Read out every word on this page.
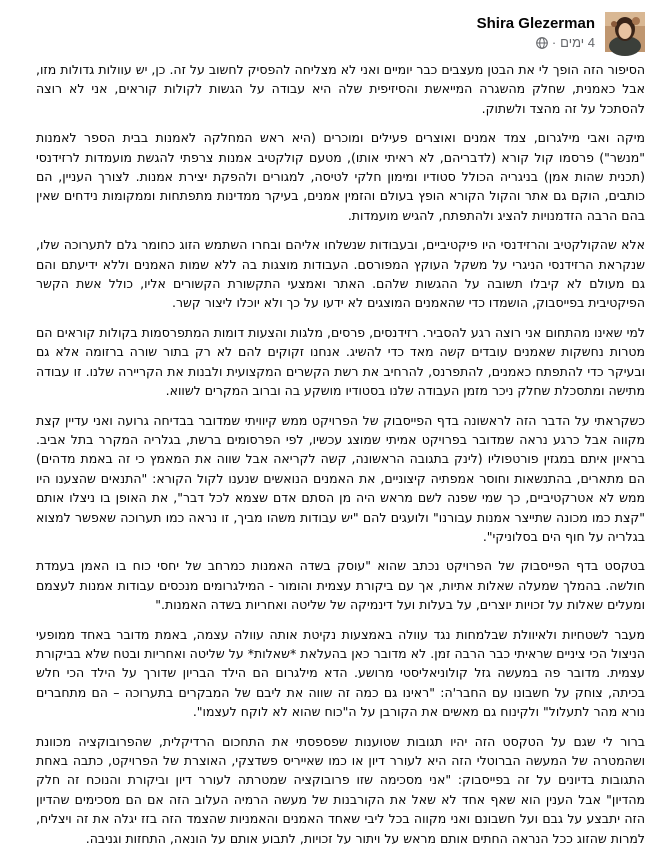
Shira Glezerman
4 ימים
·

הסיפור הזה הופך לי את הבטן מעצבים כבר יומיים ואני לא מצליחה להפסיק לחשוב על זה. כן, יש עוולות גדולות מזו, אבל כאמנית, שחלק מהשגרה המייאשת והסיזיפית שלה היא עבודה על הגשות לקולות קוראים, אני לא רוצה להסתכל על זה מהצד ולשתוק.

מיקה ואבי מילגרום, צמד אמנים ואוצרים פעילים ומוכרים (היא ראש המחלקה לאמנות בבית הספר לאמנות "מנשר") פרסמו קול קורא (לדבריהם, לא ראיתי אותו), מטעם קולקטיב אמנות צרפתי להגשת מועמדות לרזידנסי (תכנית שהות אמן) בניגריה הכולל סטודיו ומימון חלקי לטיסה, למגורים ולהפקת יצירת אמנות. לצורך העניין, הם כותבים, הוקם גם אתר והקול הקורא הופץ בעולם והזמין אמנים, בעיקר ממדינות מתפתחות וממקומות נידחים שאין בהם הרבה הזדמנויות להציג ולהתפתח, להגיש מועמדות.

אלא שהקולקטיב והרזידנסי היו פיקטיביים, ובעבודות שנשלחו אליהם ובחרו השתמש הזוג כחומר גלם לתערוכה שלו, שנקראת הרזידנסי הניגרי על משקל העוקץ המפורסם. העבודות מוצגות בה ללא שמות האמנים וללא ידיעתם והם גם מעולם לא קיבלו תשובה על ההגשות שלהם. האתר ואמצעי התקשורת הקשורים אליו, כולל אשת הקשר הפיקטיבית בפייסבוק, הושמדו כדי שהאמנים המוצגים לא ידעו על כך ולא יוכלו ליצור קשר.

למי שאינו מהתחום אני רוצה רגע להסביר. רזידנסים, פרסים, מלגות והצעות דומות המתפרסמות בקולות קוראים הם מטרות נחשקות שאמנים עובדים קשה מאד כדי להשיג. אנחנו זקוקים להם לא רק בתור שורה ברזומה אלא גם ובעיקר כדי להתפתח כאמנים, להתפרנס, להרחיב את רשת הקשרים המקצועית ולבנות את הקריירה שלנו. זו עבודה מתישה ומתסכלת שחלק ניכר מזמן העבודה שלנו בסטודיו מושקע בה וברוב המקרים לשווא.

כשקראתי על הדבר הזה לראשונה בדף הפייסבוק של הפרויקט ממש קיוויתי שמדובר בבדיחה גרועה ואני עדיין קצת מקווה אבל כרגע נראה שמדובר בפרויקט אמיתי שמוצג עכשיו, לפי הפרסומים ברשת, בגלריה המקרר בתל אביב. בראיון איתם במגזין פורטפוליו (לינק בתגובה הראשונה, קשה לקריאה אבל שווה את המאמץ כי זה באמת מדהים) הם מתארים, בהתנשאות וחוסר אמפתיה קיצוניים, את האמנים הנואשים שנענו לקול הקורא: "התנאים שהצענו היו ממש לא אטרקטיביים, כך שמי שפנה לשם מראש היה מן הסתם אדם שצמא לכל דבר", את האופן בו ניצלו אותם "קצת כמו מכונה שתייצר אמנות עבורנו" ולועגים להם "יש עבודות משהו מביך, זו נראה כמו תערוכה שאפשר למצוא בגלריה על חוף הים בסלוניקי".

בטקסט בדף הפייסבוק של הפרויקט נכתב שהוא "עוסק בשדה האמנות כמרחב של יחסי כוח בו האמן בעמדת חולשה. בהמלך שמעלה שאלות אתיות, אך עם ביקורת עצמית והומור - המילגרומים מנכסים עבודות אמנות לעצמם ומעלים שאלות על זכויות יוצרים, על בעלות ועל דינמיקה של שליטה ואחריות בשדה האמנות."

מעבר לשטחיות ולאיוולת שבלמחות נגד עוולה באמצעות נקיטת אותה עוולה עצמה, באמת מדובר באחד ממופעי הניצול הכי ציניים שראיתי כבר הרבה זמן. לא מדובר כאן בהעלאת *שאלות* על שליטה ואחריות ובטח שלא בביקורת עצמית. מדובר פה במעשה גזל קולוניאליסטי מרושע. הדא מילגרום הם הילד הבריון שדורך על הילד הכי חלש בכיתה, צוחק על חשבונו עם החבר'ה: "ראינו גם כמה זה שווה את ליבם של המבקרים בתערוכה – הם מתחברים נורא מהר לתעלול" ולקינוח גם מאשים את הקורבן על ה"כוח שהוא לא לוקח לעצמו".

ברור לי שגם על הטקסט הזה יהיו תגובות שטוענות שפספסתי את התחכום הרדיקלית, שהפרובוקציה מכוונת ושהמטרה של המעשה הברוטלי הזה היא לעורר דיון או כמו שאייריס פשדצקי, האוצרת של הפרויקט, כתבה באחת התגובות בדיונים על זה בפייסבוק: "אני מסכימה שזו פרובוקציה שמטרתה לעורר דיון וביקורת והנוכח זה חלק מהדיון" אבל הענין הוא שאף אחד לא שאל את הקורבנות של מעשה הרמיה העלוב הזה אם הם מסכימים שהדיון הזה יתבצע על גבם ועל חשבונם ואני מקווה בכל ליבי שאחד האמנים והאמניות שהצמד הזה בזז יגלה את זה ויצליח, למרות שהזוג ככל הנראה החתים אותם מראש על ויתור על זכויות, לתבוע אותם על הונאה, התחזות וגניבה.
